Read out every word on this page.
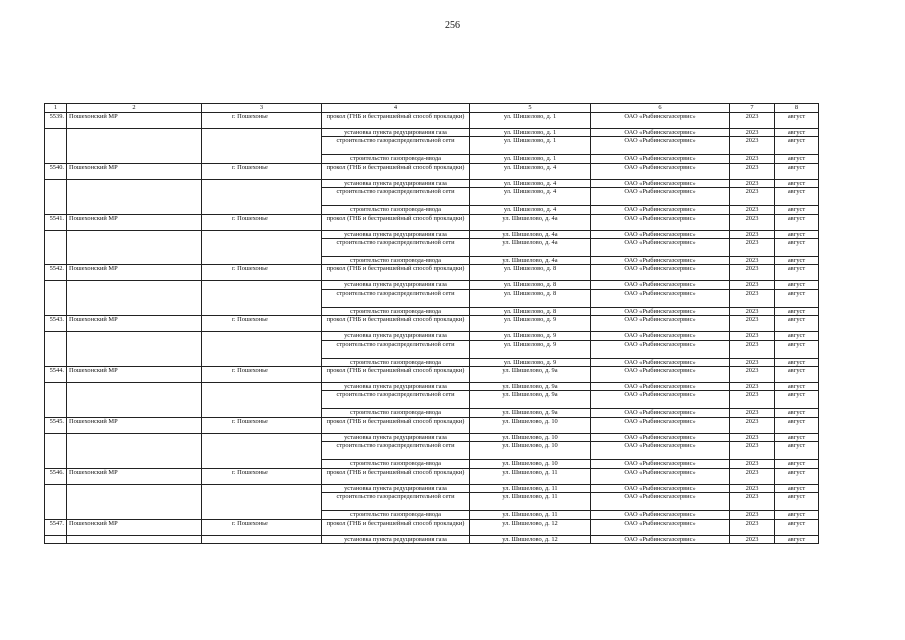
256
1	2	3	4	5	6	7	8
5539.	Пошехонский МР	г. Пошехонье	прокол (ГНБ и бестраншейный способ прокладки)	ул. Шишелово, д. 1	ОАО «Рыбинскгазсервис»	2023	август
			установка пункта редуцирования газа	ул. Шишелово, д. 1	ОАО «Рыбинскгазсервис»	2023	август
			строительство газораспределительной сети	ул. Шишелово, д. 1	ОАО «Рыбинскгазсервис»	2023	август
			строительство газопровода-ввода	ул. Шишелово, д. 1	ОАО «Рыбинскгазсервис»	2023	август
5540.	Пошехонский МР	г. Пошехонье	прокол (ГНБ и бестраншейный способ прокладки)	ул. Шишелово, д. 4	ОАО «Рыбинскгазсервис»	2023	август
			установка пункта редуцирования газа	ул. Шишелово, д. 4	ОАО «Рыбинскгазсервис»	2023	август
			строительство газораспределительной сети	ул. Шишелово, д. 4	ОАО «Рыбинскгазсервис»	2023	август
			строительство газопровода-ввода	ул. Шишелово, д. 4	ОАО «Рыбинскгазсервис»	2023	август
5541.	Пошехонский МР	г. Пошехонье	прокол (ГНБ и бестраншейный способ прокладки)	ул. Шишелово, д. 4а	ОАО «Рыбинскгазсервис»	2023	август
			установка пункта редуцирования газа	ул. Шишелово, д. 4а	ОАО «Рыбинскгазсервис»	2023	август
			строительство газораспределительной сети	ул. Шишелово, д. 4а	ОАО «Рыбинскгазсервис»	2023	август
			строительство газопровода-ввода	ул. Шишелово, д. 4а	ОАО «Рыбинскгазсервис»	2023	август
5542.	Пошехонский МР	г. Пошехонье	прокол (ГНБ и бестраншейный способ прокладки)	ул. Шишелово, д. 8	ОАО «Рыбинскгазсервис»	2023	август
			установка пункта редуцирования газа	ул. Шишелово, д. 8	ОАО «Рыбинскгазсервис»	2023	август
			строительство газораспределительной сети	ул. Шишелово, д. 8	ОАО «Рыбинскгазсервис»	2023	август
			строительство газопровода-ввода	ул. Шишелово, д. 8	ОАО «Рыбинскгазсервис»	2023	август
5543.	Пошехонский МР	г. Пошехонье	прокол (ГНБ и бестраншейный способ прокладки)	ул. Шишелово, д. 9	ОАО «Рыбинскгазсервис»	2023	август
			установка пункта редуцирования газа	ул. Шишелово, д. 9	ОАО «Рыбинскгазсервис»	2023	август
			строительство газораспределительной сети	ул. Шишелово, д. 9	ОАО «Рыбинскгазсервис»	2023	август
			строительство газопровода-ввода	ул. Шишелово, д. 9	ОАО «Рыбинскгазсервис»	2023	август
5544.	Пошехонский МР	г. Пошехонье	прокол (ГНБ и бестраншейный способ прокладки)	ул. Шишелово, д. 9а	ОАО «Рыбинскгазсервис»	2023	август
			установка пункта редуцирования газа	ул. Шишелово, д. 9а	ОАО «Рыбинскгазсервис»	2023	август
			строительство газораспределительной сети	ул. Шишелово, д. 9а	ОАО «Рыбинскгазсервис»	2023	август
			строительство газопровода-ввода	ул. Шишелово, д. 9а	ОАО «Рыбинскгазсервис»	2023	август
5545.	Пошехонский МР	г. Пошехонье	прокол (ГНБ и бестраншейный способ прокладки)	ул. Шишелово, д. 10	ОАО «Рыбинскгазсервис»	2023	август
			установка пункта редуцирования газа	ул. Шишелово, д. 10	ОАО «Рыбинскгазсервис»	2023	август
			строительство газораспределительной сети	ул. Шишелово, д. 10	ОАО «Рыбинскгазсервис»	2023	август
			строительство газопровода-ввода	ул. Шишелово, д. 10	ОАО «Рыбинскгазсервис»	2023	август
5546.	Пошехонский МР	г. Пошехонье	прокол (ГНБ и бестраншейный способ прокладки)	ул. Шишелово, д. 11	ОАО «Рыбинскгазсервис»	2023	август
			установка пункта редуцирования газа	ул. Шишелово, д. 11	ОАО «Рыбинскгазсервис»	2023	август
			строительство газораспределительной сети	ул. Шишелово, д. 11	ОАО «Рыбинскгазсервис»	2023	август
			строительство газопровода-ввода	ул. Шишелово, д. 11	ОАО «Рыбинскгазсервис»	2023	август
5547.	Пошехонский МР	г. Пошехонье	прокол (ГНБ и бестраншейный способ прокладки)	ул. Шишелово, д. 12	ОАО «Рыбинскгазсервис»	2023	август
			установка пункта редуцирования газа	ул. Шишелово, д. 12	ОАО «Рыбинскгазсервис»	2023	август
